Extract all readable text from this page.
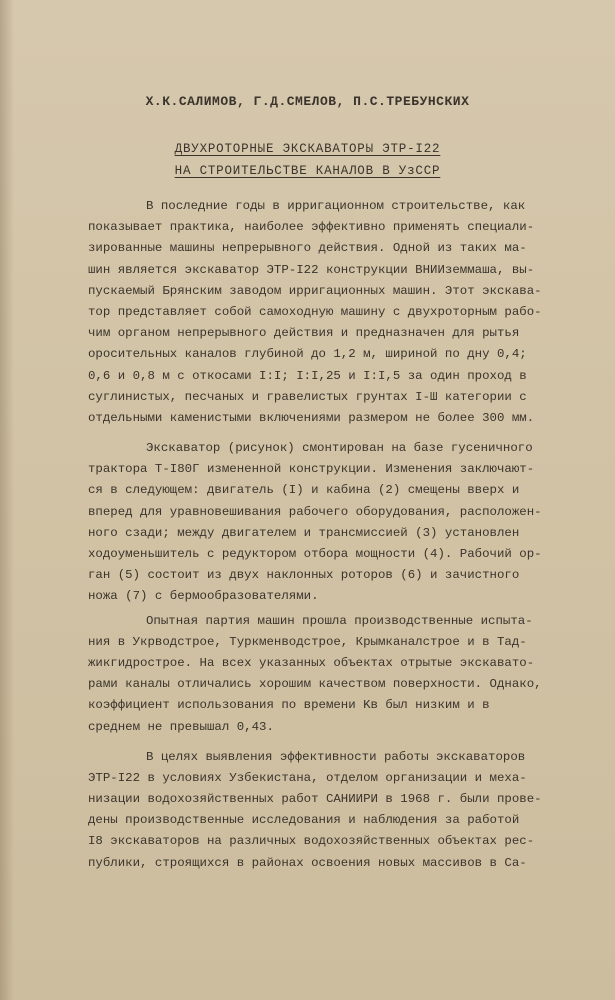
Х.К.САЛИМОВ, Г.Д.СМЕЛОВ, П.С.ТРЕБУНСКИХ
ДВУХРОТОРНЫЕ ЭКСКАВАТОРЫ ЭТР-I22
НА СТРОИТЕЛЬСТВЕ КАНАЛОВ В УзССР
В последние годы в ирригационном строительстве, как
показывает практика, наиболее эффективно применять специали-
зированные машины непрерывного действия. Одной из таких ма-
шин является экскаватор ЭТР-I22 конструкции ВНИИземмаша, вы-
пускаемый Брянским заводом ирригационных машин. Этот экскава-
тор представляет собой самоходную машину с двухроторным рабо-
чим органом непрерывного действия и предназначен для рытья
оросительных каналов глубиной до 1,2 м, шириной по дну 0,4;
0,6 и 0,8 м с откосами I:I; I:I,25 и I:I,5 за один проход в
суглинистых, песчаных и гравелистых грунтах I-Ш категории с
отдельными каменистыми включениями размером не более 300 мм.
Экскаватор (рисунок) смонтирован на базе гусеничного
трактора Т-I80Г измененной конструкции. Изменения заключают-
ся в следующем: двигатель (I) и кабина (2) смещены вверх и
вперед для уравновешивания рабочего оборудования, расположен-
ного сзади; между двигателем и трансмиссией (3) установлен
ходоуменьшитель с редуктором отбора мощности (4). Рабочий ор-
ган (5) состоит из двух наклонных роторов (6) и зачистного
ножа (7) с бермообразователями.
Опытная партия машин прошла производственные испыта-
ния в Укрводстрое, Туркменводстрое, Крымканалстрое и в Тад-
жикгидрострое. На всех указанных объектах отрытые экскавато-
рами каналы отличались хорошим качеством поверхности. Однако,
коэффициент использования по времени Kв был низким и в
среднем не превышал 0,43.
В целях выявления эффективности работы экскаваторов
ЭТР-I22 в условиях Узбекистана, отделом организации и меха-
низации водохозяйственных работ САНИИРИ в 1968 г. были прове-
дены производственные исследования и наблюдения за работой
I8 экскаваторов на различных водохозяйственных объектах рес-
публики, строящихся в районах освоения новых массивов в Са-
